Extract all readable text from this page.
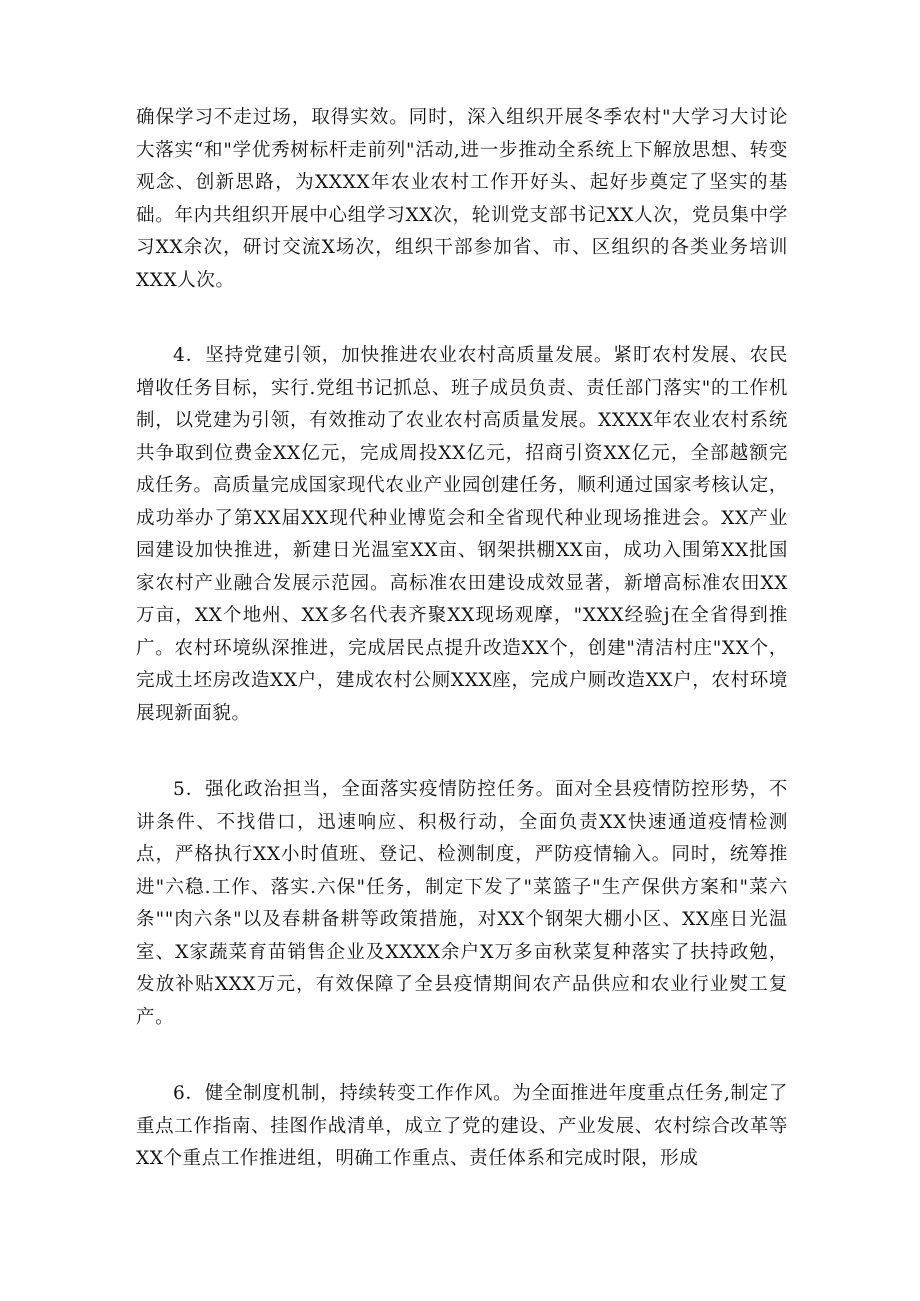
确保学习不走过场，取得实效。同时，深入组织开展冬季农村"大学习大讨论大落实“和"学优秀树标杆走前列"活动,进一步推动全系统上下解放思想、转变观念、创新思路，为XXXX年农业农村工作开好头、起好步奠定了坚实的基础。年内共组织开展中心组学习XX次，轮训党支部书记XX人次，党员集中学习XX余次，研讨交流X场次，组织干部参加省、市、区组织的各类业务培训XXX人次。

4．坚持党建引领，加快推进农业农村高质量发展。紧盯农村发展、农民增收任务目标，实行.党组书记抓总、班子成员负责、责任部门落实"的工作机制，以党建为引领，有效推动了农业农村高质量发展。XXXX年农业农村系统共争取到位费金XX亿元，完成周投XX亿元，招商引资XX亿元，全部越额完成任务。高质量完成国家现代农业产业园创建任务，顺利通过国家考核认定，成功举办了第XX届XX现代种业博览会和全省现代种业现场推进会。XX产业园建设加快推进，新建日光温室XX亩、钢架拱棚XX亩，成功入围第XX批国家农村产业融合发展示范园。高标准农田建设成效显著，新增高标准农田XX万亩，XX个地州、XX多名代表齐聚XX现场观摩，"XXX经验j在全省得到推广。农村环境纵深推进，完成居民点提升改造XX个，创建"清洁村庄"XX个，完成土坯房改造XX户，建成农村公厕XXX座，完成户厕改造XX户，农村环境展现新面貌。

5．强化政治担当，全面落实疫情防控任务。面对全县疫情防控形势，不讲条件、不找借口，迅速响应、积极行动，全面负责XX快速通道疫情检测点，严格执行XX小时值班、登记、检测制度，严防疫情输入。同时，统筹推进"六稳.工作、落实.六保"任务，制定下发了"菜篮子"生产保供方案和"菜六条""肉六条"以及春耕备耕等政策措施，对XX个钢架大棚小区、XX座日光温室、X家蔬菜育苗销售企业及XXXX余户X万多亩秋菜复种落实了扶持政勉，发放补贴XXX万元，有效保障了全县疫情期间农产品供应和农业行业熨工复产。

6．健全制度机制，持续转变工作作风。为全面推进年度重点任务,制定了重点工作指南、挂图作战清单，成立了党的建设、产业发展、农村综合改革等XX个重点工作推进组，明确工作重点、责任体系和完成时限，形成
